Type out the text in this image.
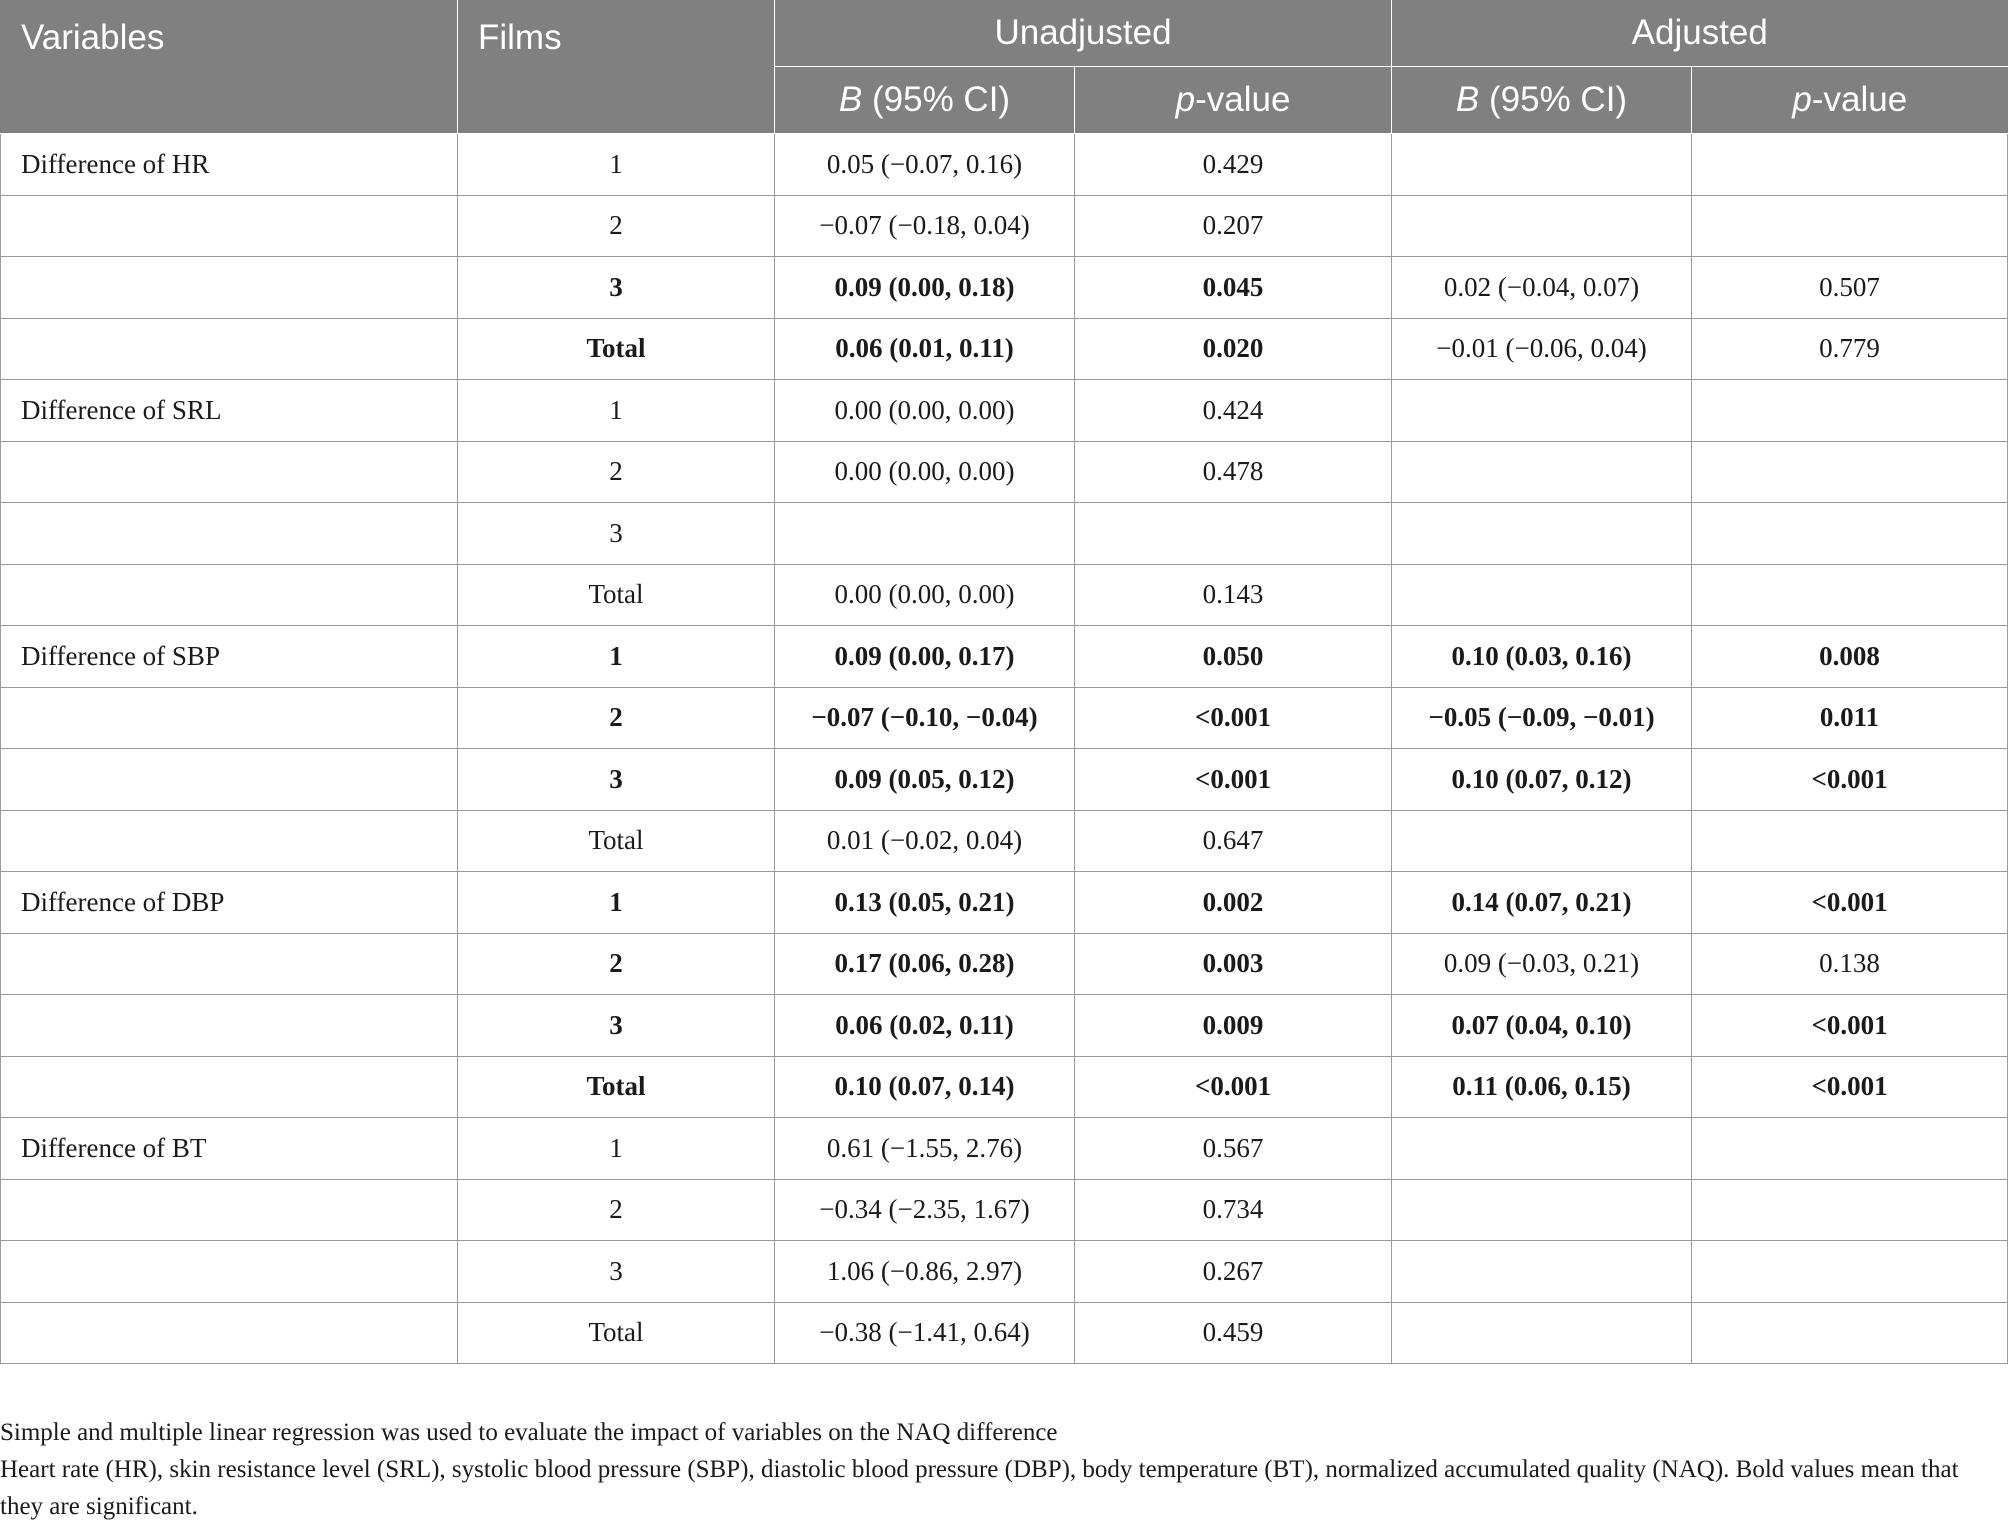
Variables	Films	Unadjusted		Adjusted	
		B (95% CI)	p-value	B (95% CI)	p-value
Difference of HR	1	0.05 (−0.07, 0.16)	0.429		
	2	−0.07 (−0.18, 0.04)	0.207		
	3	0.09 (0.00, 0.18)	0.045	0.02 (−0.04, 0.07)	0.507
	Total	0.06 (0.01, 0.11)	0.020	−0.01 (−0.06, 0.04)	0.779
Difference of SRL	1	0.00 (0.00, 0.00)	0.424		
	2	0.00 (0.00, 0.00)	0.478		
	3				
	Total	0.00 (0.00, 0.00)	0.143		
Difference of SBP	1	0.09 (0.00, 0.17)	0.050	0.10 (0.03, 0.16)	0.008
	2	−0.07 (−0.10, −0.04)	<0.001	−0.05 (−0.09, −0.01)	0.011
	3	0.09 (0.05, 0.12)	<0.001	0.10 (0.07, 0.12)	<0.001
	Total	0.01 (−0.02, 0.04)	0.647		
Difference of DBP	1	0.13 (0.05, 0.21)	0.002	0.14 (0.07, 0.21)	<0.001
	2	0.17 (0.06, 0.28)	0.003	0.09 (−0.03, 0.21)	0.138
	3	0.06 (0.02, 0.11)	0.009	0.07 (0.04, 0.10)	<0.001
	Total	0.10 (0.07, 0.14)	<0.001	0.11 (0.06, 0.15)	<0.001
Difference of BT	1	0.61 (−1.55, 2.76)	0.567		
	2	−0.34 (−2.35, 1.67)	0.734		
	3	1.06 (−0.86, 2.97)	0.267		
	Total	−0.38 (−1.41, 0.64)	0.459		

Simple and multiple linear regression was used to evaluate the impact of variables on the NAQ difference

Heart rate (HR), skin resistance level (SRL), systolic blood pressure (SBP), diastolic blood pressure (DBP), body temperature (BT), normalized accumulated quality (NAQ). Bold values mean that they are significant.
